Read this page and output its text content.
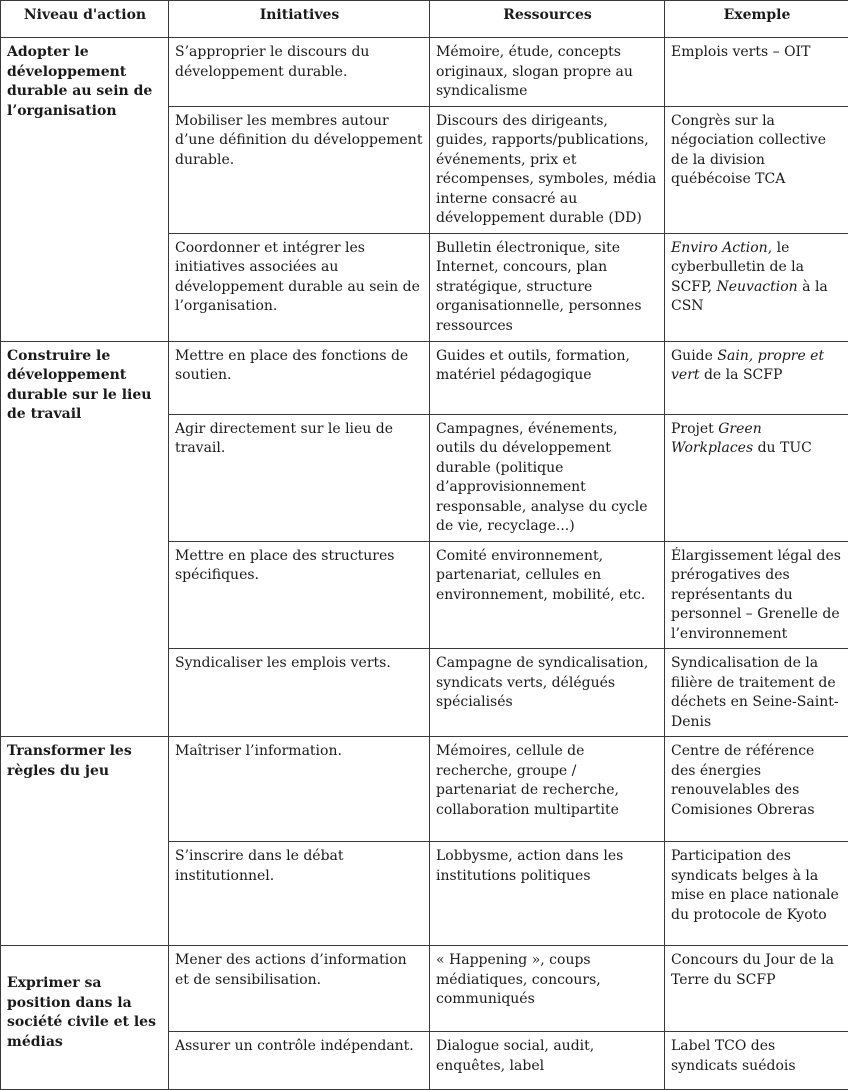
Niveau d'action	Initiatives	Ressources	Exemple
Adopter le développement durable au sein de l’organisation	S’approprier le discours du développement durable.	Mémoire, étude, concepts originaux, slogan propre au syndicalisme	Emplois verts – OIT
	Mobiliser les membres autour d’une définition du développement durable.	Discours des dirigeants, guides, rapports/publications, événements, prix et récompenses, symboles, média interne consacré au développement durable (DD)	Congrès sur la négociation collective de la division québécoise TCA
	Coordonner et intégrer les initiatives associées au développement durable au sein de l’organisation.	Bulletin électronique, site Internet, concours, plan stratégique, structure organisationnelle, personnes ressources	Enviro Action, le cyberbulletin de la SCFP, Neuvaction à la CSN
Construire le développement durable sur le lieu de travail	Mettre en place des fonctions de soutien.	Guides et outils, formation, matériel pédagogique	Guide Sain, propre et vert de la SCFP
	Agir directement sur le lieu de travail.	Campagnes, événements, outils du développement durable (politique d’approvisionnement responsable, analyse du cycle de vie, recyclage...)	Projet Green Workplaces du TUC
	Mettre en place des structures spécifiques.	Comité environnement, partenariat, cellules en environnement, mobilité, etc.	Élargissement légal des prérogatives des représentants du personnel – Grenelle de l’environnement
	Syndicaliser les emplois verts.	Campagne de syndicalisation, syndicats verts, délégués spécialisés	Syndicalisation de la filière de traitement de déchets en Seine-Saint-Denis
Transformer les règles du jeu	Maîtriser l’information.	Mémoires, cellule de recherche, groupe / partenariat de recherche, collaboration multipartite	Centre de référence des énergies renouvelables des Comisiones Obreras
	S’inscrire dans le débat institutionnel.	Lobbysme, action dans les institutions politiques	Participation des syndicats belges à la mise en place nationale du protocole de Kyoto
Exprimer sa position dans la société civile et les médias	Mener des actions d’information et de sensibilisation.	« Happening », coups médiatiques, concours, communiqués	Concours du Jour de la Terre du SCFP
	Assurer un contrôle indépendant.	Dialogue social, audit, enquêtes, label	Label TCO des syndicats suédois
